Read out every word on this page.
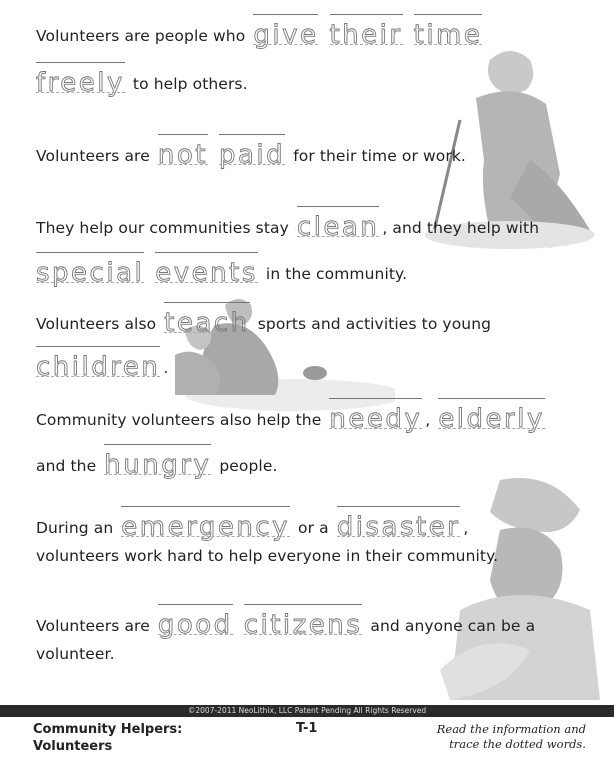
Volunteers are people who give their time
freely to help others.
Volunteers are not paid for their time or work.
They help our communities stay clean , and they help with
special events in the community.
Volunteers also teach sports and activities to young
children .
Community volunteers also help the needy , elderly
and the hungry people.
During an emergency or a disaster ,
volunteers work hard to help everyone in their community.
Volunteers are good citizens and anyone can be a
volunteer.
©2007-2011 NeoLithix, LLC Patent Pending All Rights Reserved
Community Helpers:
Volunteers
T-1	Read the information and
trace the dotted words.
